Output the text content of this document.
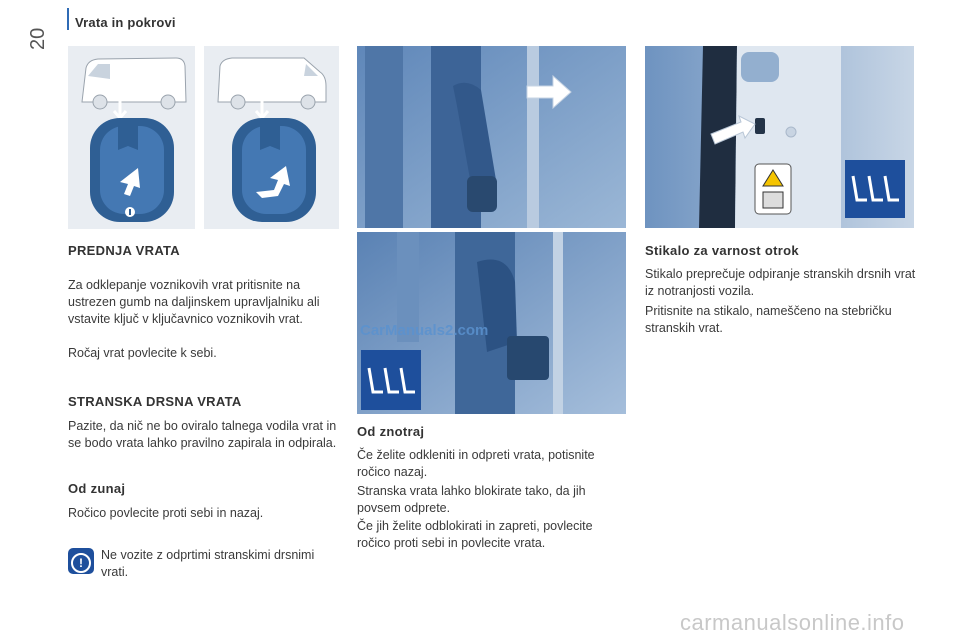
Vrata in pokrovi
20
PREDNJA VRATA

Za odklepanje voznikovih vrat pritisnite na ustrezen gumb na daljinskem upravljalniku ali vstavite ključ v ključavnico voznikovih vrat.

Ročaj vrat povlecite k sebi.

STRANSKA DRSNA VRATA

Pazite, da nič ne bo oviralo talnega vodila vrat in se bodo vrata lahko pravilno zapirala in odpirala.

Od zunaj

Ročico povlecite proti sebi in nazaj.

!

Ne vozite z odprtimi stranskimi drsnimi vrati.

Od znotraj

Če želite odkleniti in odpreti vrata, potisnite ročico nazaj.

Stranska vrata lahko blokirate tako, da jih povsem odprete.

Če jih želite odblokirati in zapreti, povlecite ročico proti sebi in povlecite vrata.

Stikalo za varnost otrok

Stikalo preprečuje odpiranje stranskih drsnih vrat iz notranjosti vozila.

Pritisnite na stikalo, nameščeno na stebričku stranskih vrat.

CarManuals2.com
carmanualsonline.info
